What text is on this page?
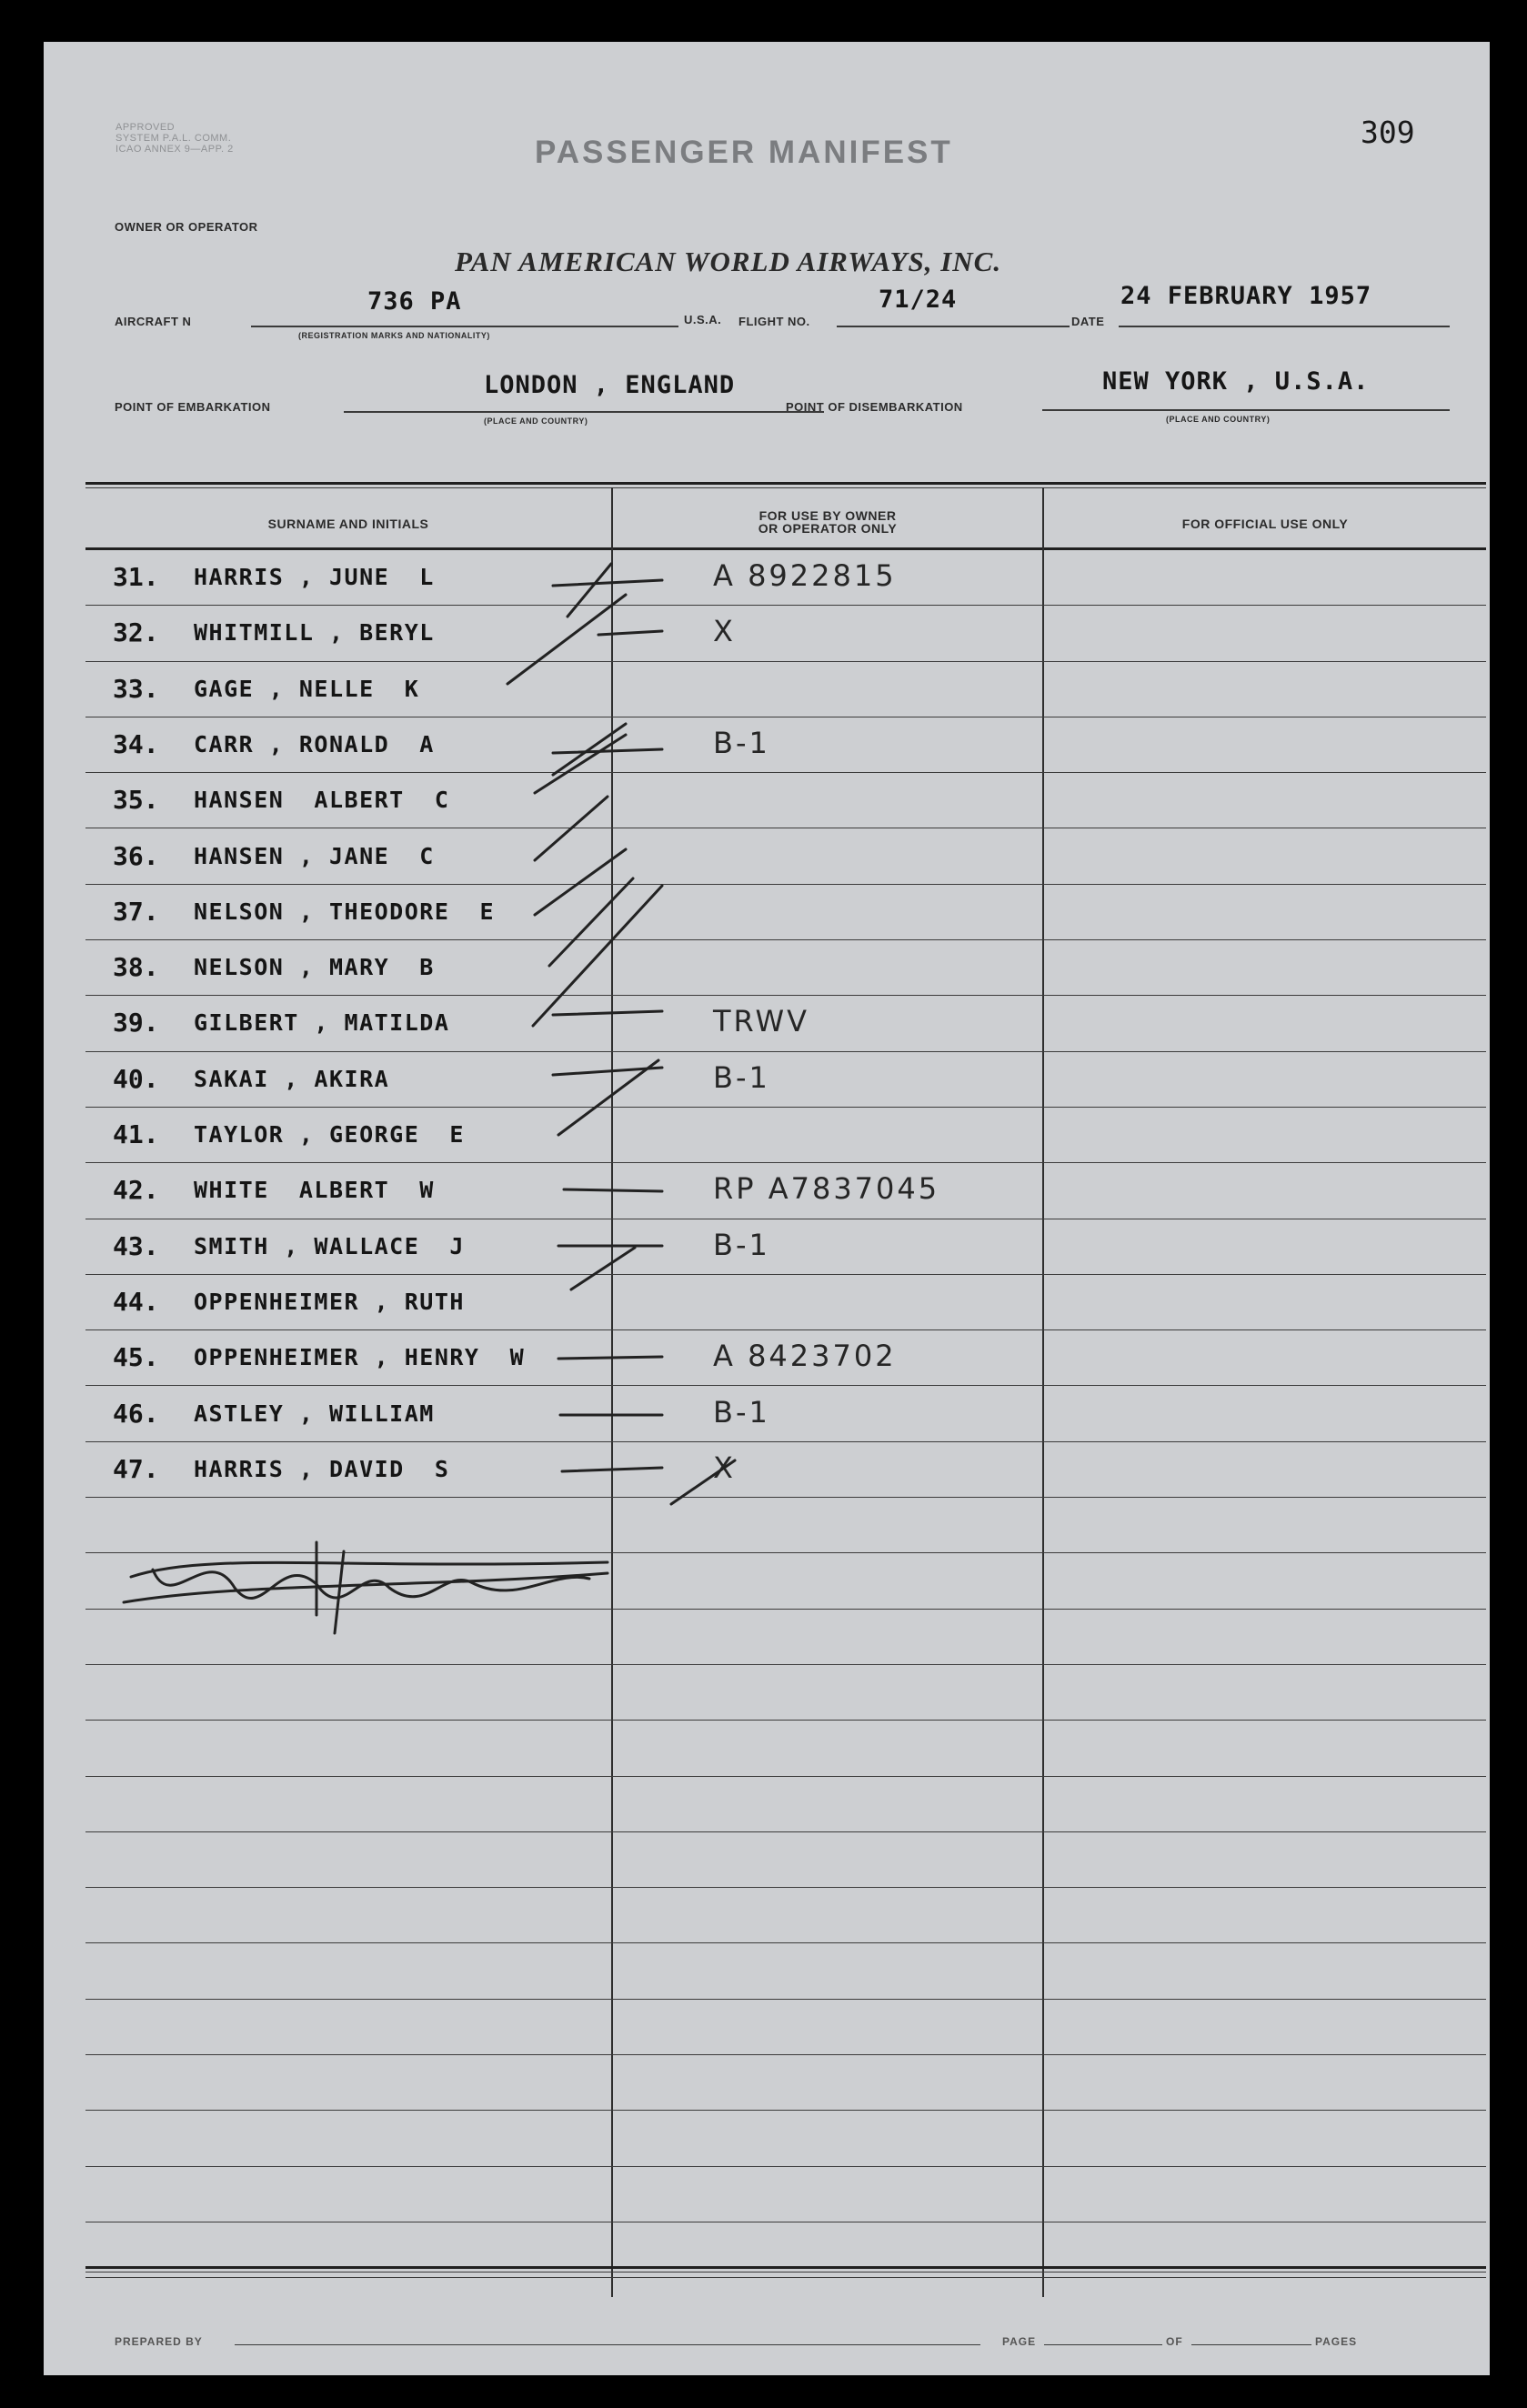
APPROVED
SYSTEM P.A.L. COMM.
ICAO ANNEX 9—APP. 2	PASSENGER MANIFEST
309
OWNER OR OPERATOR
PAN AMERICAN WORLD AIRWAYS, INC.
AIRCRAFT N
736 PA
(REGISTRATION MARKS AND NATIONALITY)
U.S.A. FLIGHT NO.
71/24
DATE
24 FEBRUARY 1957
POINT OF EMBARKATION
LONDON , ENGLAND
(PLACE AND COUNTRY)
POINT OF DISEMBARKATION
NEW YORK , U.S.A.
(PLACE AND COUNTRY)
SURNAME AND INITIALS
FOR USE BY OWNER
OR OPERATOR ONLY	FOR OFFICIAL USE ONLY
31. HARRIS , JUNE  L	A 8922815
32. WHITMILL , BERYL	X
33. GAGE , NELLE  K
34. CARR , RONALD  A	B-1
35. HANSEN  ALBERT  C
36. HANSEN , JANE  C
37. NELSON , THEODORE  E
38. NELSON , MARY  B
39. GILBERT , MATILDA	TRWV
40. SAKAI , AKIRA	B-1
41. TAYLOR , GEORGE  E
42. WHITE  ALBERT  W	RP A7837045
43. SMITH , WALLACE  J	B-1
44. OPPENHEIMER , RUTH
45. OPPENHEIMER , HENRY  W	A 8423702
46. ASTLEY , WILLIAM	B-1
47. HARRIS , DAVID  S	X
PREPARED BY	PAGE	OF	PAGES
